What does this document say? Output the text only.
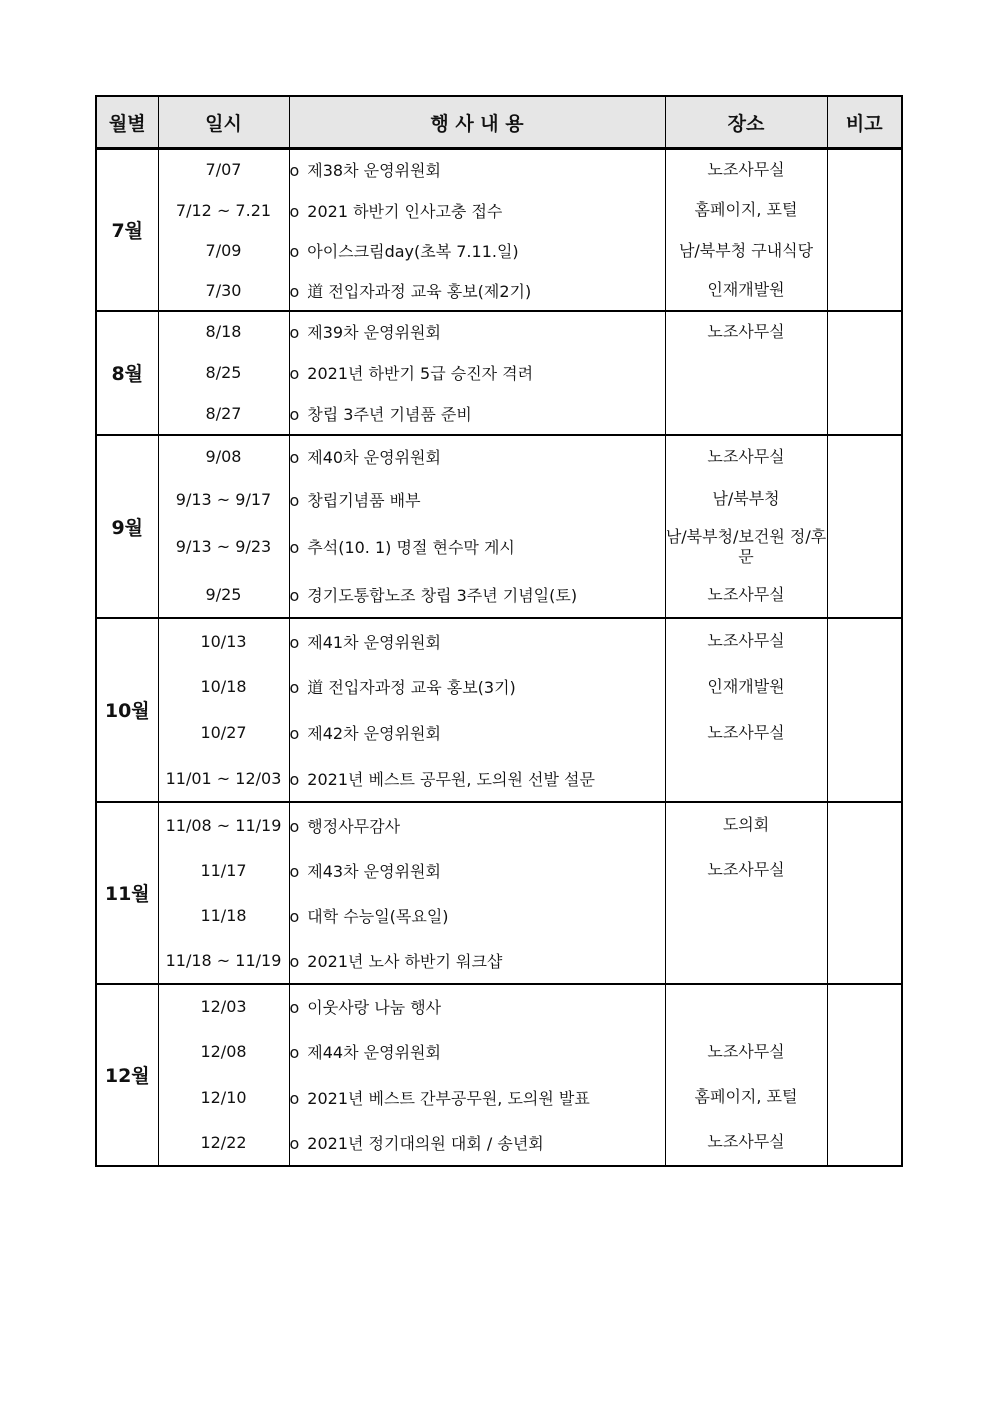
월별	일시	행 사 내 용	장소	비고
7월	7/07	o 제38차 운영위원회	노조사무실	
	7/12 ~ 7.21	o 2021 하반기 인사고충 접수	홈페이지, 포털	
	7/09	o 아이스크림day(초복 7.11.일)	남/북부청 구내식당	
	7/30	o 道 전입자과정 교육 홍보(제2기)	인재개발원	
8월	8/18	o 제39차 운영위원회	노조사무실	
	8/25	o 2021년 하반기 5급 승진자 격려		
	8/27	o 창립 3주년 기념품 준비		
9월	9/08	o 제40차 운영위원회	노조사무실	
	9/13 ~ 9/17	o 창립기념품 배부	남/북부청	
	9/13 ~ 9/23	o 추석(10. 1) 명절 현수막 게시	남/북부청/보건원 정/후문	
	9/25	o 경기도통합노조 창립 3주년 기념일(토)	노조사무실	
10월	10/13	o 제41차 운영위원회	노조사무실	
	10/18	o 道 전입자과정 교육 홍보(3기)	인재개발원	
	10/27	o 제42차 운영위원회	노조사무실	
	11/01 ~ 12/03	o 2021년 베스트 공무원, 도의원 선발 설문		
11월	11/08 ~ 11/19	o 행정사무감사	도의회	
	11/17	o 제43차 운영위원회	노조사무실	
	11/18	o 대학 수능일(목요일)		
	11/18 ~ 11/19	o 2021년 노사 하반기 워크샵		
12월	12/03	o 이웃사랑 나눔 행사		
	12/08	o 제44차 운영위원회	노조사무실	
	12/10	o 2021년 베스트 간부공무원, 도의원 발표	홈페이지, 포털	
	12/22	o 2021년 정기대의원 대회 / 송년회	노조사무실	
